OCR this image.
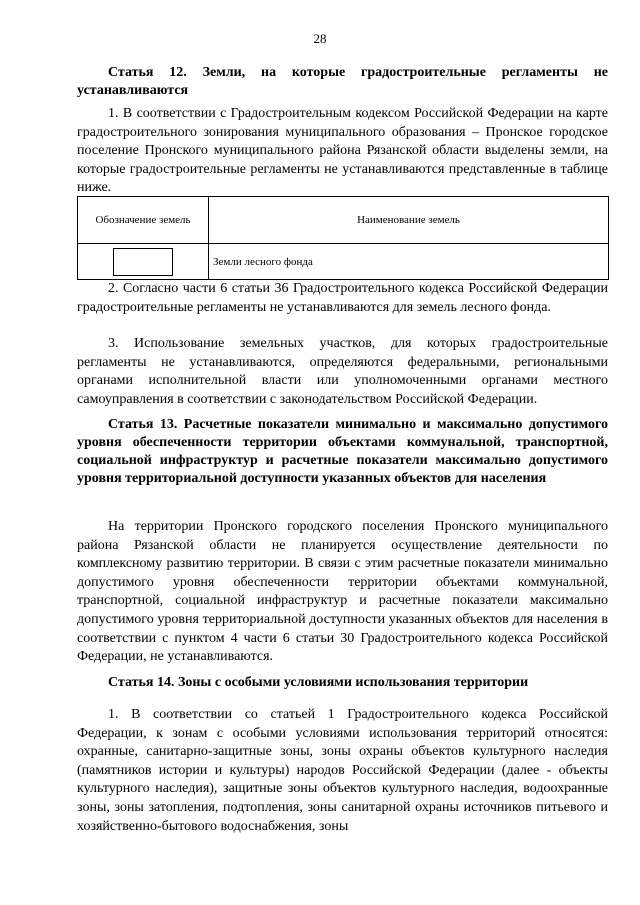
28
Статья 12. Земли, на которые градостроительные регламенты не устанавливаются

1. В соответствии с Градостроительным кодексом Российской Федерации на карте градостроительного зонирования муниципального образования – Пронское городское поселение Пронского муниципального района Рязанской области выделены земли, на которые градостроительные регламенты не устанавливаются представленные в таблице ниже.

Обозначение земель	Наименование земель

	Земли лесного фонда

2. Согласно части 6 статьи 36 Градостроительного кодекса Российской Федерации градостроительные регламенты не устанавливаются для земель лесного фонда.

3. Использование земельных участков, для которых градостроительные регламенты не устанавливаются, определяются федеральными, региональными органами исполнительной власти или уполномоченными органами местного самоуправления в соответствии с законодательством Российской Федерации.

Статья 13. Расчетные показатели минимально и максимально допустимого уровня обеспеченности территории объектами коммунальной, транспортной, социальной инфраструктур и расчетные показатели максимально допустимого уровня территориальной доступности указанных объектов для населения

На территории Пронского городского поселения Пронского муниципального района Рязанской области не планируется осуществление деятельности по комплексному развитию территории. В связи с этим расчетные показатели минимально допустимого уровня обеспеченности территории объектами коммунальной, транспортной, социальной инфраструктур и расчетные показатели максимально допустимого уровня территориальной доступности указанных объектов для населения в соответствии с пунктом 4 части 6 статьи 30 Градостроительного кодекса Российской Федерации, не устанавливаются.

Статья 14. Зоны с особыми условиями использования территории

1. В соответствии со статьей 1 Градостроительного кодекса Российской Федерации, к зонам с особыми условиями использования территорий относятся: охранные, санитарно-защитные зоны, зоны охраны объектов культурного наследия (памятников истории и культуры) народов Российской Федерации (далее - объекты культурного наследия), защитные зоны объектов культурного наследия, водоохранные зоны, зоны затопления, подтопления, зоны санитарной охраны источников питьевого и хозяйственно-бытового водоснабжения, зоны
